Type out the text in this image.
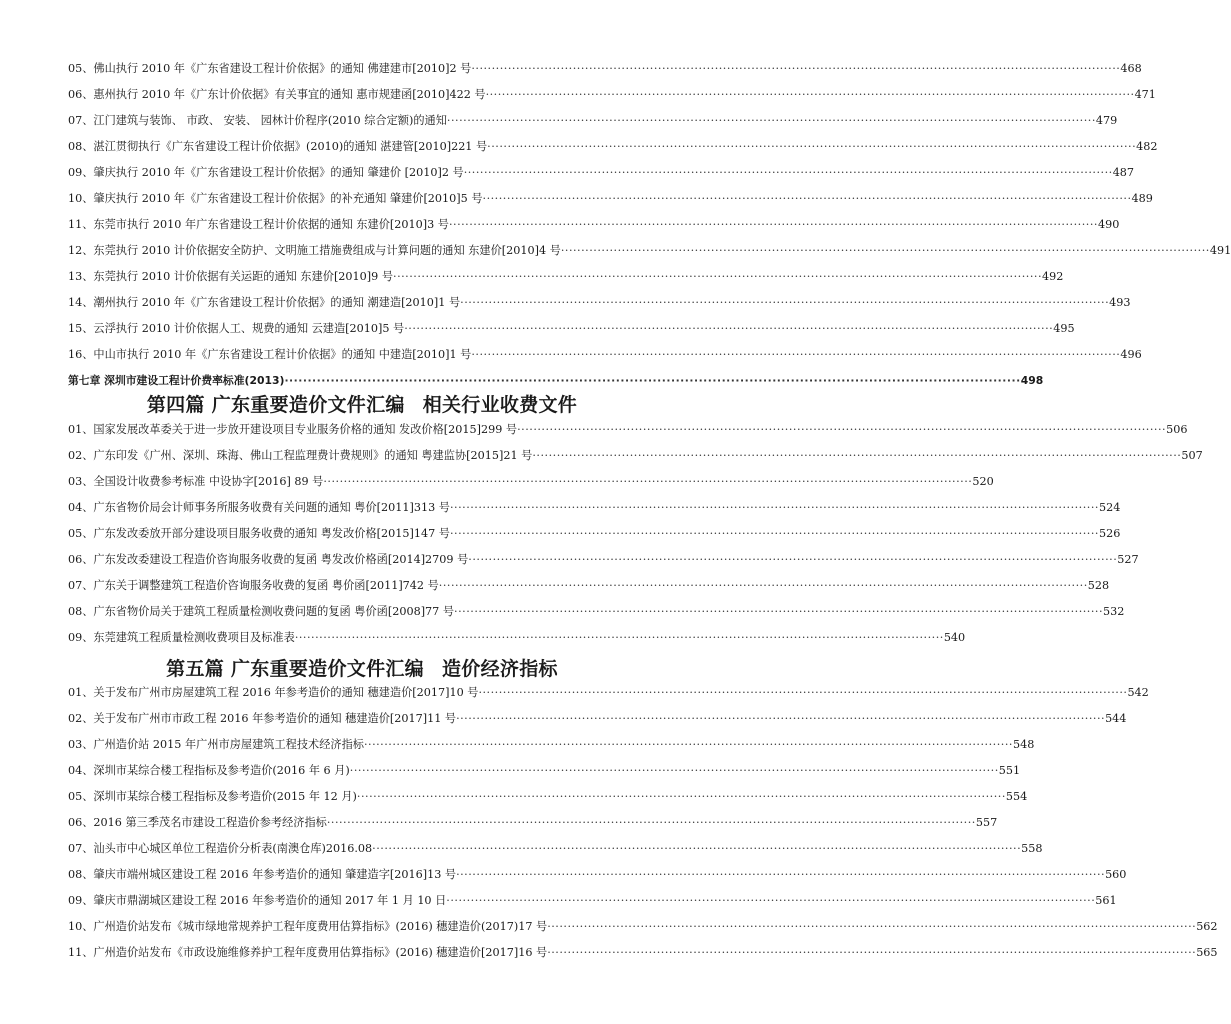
05、佛山执行 2010 年《广东省建设工程计价依据》的通知 佛建建市[2010]2 号 ·····	468
06、惠州执行 2010 年《广东计价依据》有关事宜的通知 惠市规建函[2010]422 号 ·····	471
07、江门建筑与装饰、 市政、 安装、 园林计价程序(2010 综合定额)的通知 ·····	479
08、湛江贯彻执行《广东省建设工程计价依据》(2010)的通知 湛建管[2010]221 号 ·····	482
09、肇庆执行 2010 年《广东省建设工程计价依据》的通知 肇建价 [2010]2 号 ·····	487
10、肇庆执行 2010 年《广东省建设工程计价依据》的补充通知 肇建价[2010]5 号 ·····	489
11、东莞市执行 2010 年广东省建设工程计价依据的通知 东建价[2010]3 号 ·····	490
12、东莞执行 2010 计价依据安全防护、文明施工措施费组成与计算问题的通知 东建价[2010]4 号 ·····	491
13、东莞执行 2010 计价依据有关运距的通知 东建价[2010]9 号 ·····	492
14、潮州执行 2010 年《广东省建设工程计价依据》的通知 潮建造[2010]1 号 ·····	493
15、云浮执行 2010 计价依据人工、规费的通知 云建造[2010]5 号 ·····	495
16、中山市执行 2010 年《广东省建设工程计价依据》的通知 中建造[2010]1 号 ·····	496
第七章 深圳市建设工程计价费率标准(2013) ·····	498
第四篇 广东重要造价文件汇编 相关行业收费文件
01、国家发展改革委关于进一步放开建设项目专业服务价格的通知 发改价格[2015]299 号 ·····	506
02、广东印发《广州、深圳、珠海、佛山工程监理费计费规则》的通知 粤建监协[2015]21 号 ·····	507
03、全国设计收费参考标准 中设协字[2016] 89 号 ·····	520
04、广东省物价局会计师事务所服务收费有关问题的通知 粤价[2011]313 号 ·····	524
05、广东发改委放开部分建设项目服务收费的通知 粤发改价格[2015]147 号 ·····	526
06、广东发改委建设工程造价咨询服务收费的复函 粤发改价格函[2014]2709 号 ·····	527
07、广东关于调整建筑工程造价咨询服务收费的复函 粤价函[2011]742 号 ·····	528
08、广东省物价局关于建筑工程质量检测收费问题的复函 粤价函[2008]77 号 ·····	532
09、东莞建筑工程质量检测收费项目及标准表 ·····	540
第五篇 广东重要造价文件汇编 造价经济指标
01、关于发布广州市房屋建筑工程 2016 年参考造价的通知 穗建造价[2017]10 号 ·····	542
02、关于发布广州市市政工程 2016 年参考造价的通知 穗建造价[2017]11 号 ·····	544
03、广州造价站 2015 年广州市房屋建筑工程技术经济指标 ·····	548
04、深圳市某综合楼工程指标及参考造价(2016 年 6 月) ·····	551
05、深圳市某综合楼工程指标及参考造价(2015 年 12 月) ·····	554
06、2016 第三季茂名市建设工程造价参考经济指标 ·····	557
07、汕头市中心城区单位工程造价分析表(南澳仓库)2016.08 ·····	558
08、肇庆市端州城区建设工程 2016 年参考造价的通知 肇建造字[2016]13 号 ·····	560
09、肇庆市鼎湖城区建设工程 2016 年参考造价的通知 2017 年 1 月 10 日 ·····	561
10、广州造价站发布《城市绿地常规养护工程年度费用估算指标》(2016) 穗建造价(2017)17 号 ·····	562
11、广州造价站发布《市政设施维修养护工程年度费用估算指标》(2016) 穗建造价[2017]16 号 ·····	565
